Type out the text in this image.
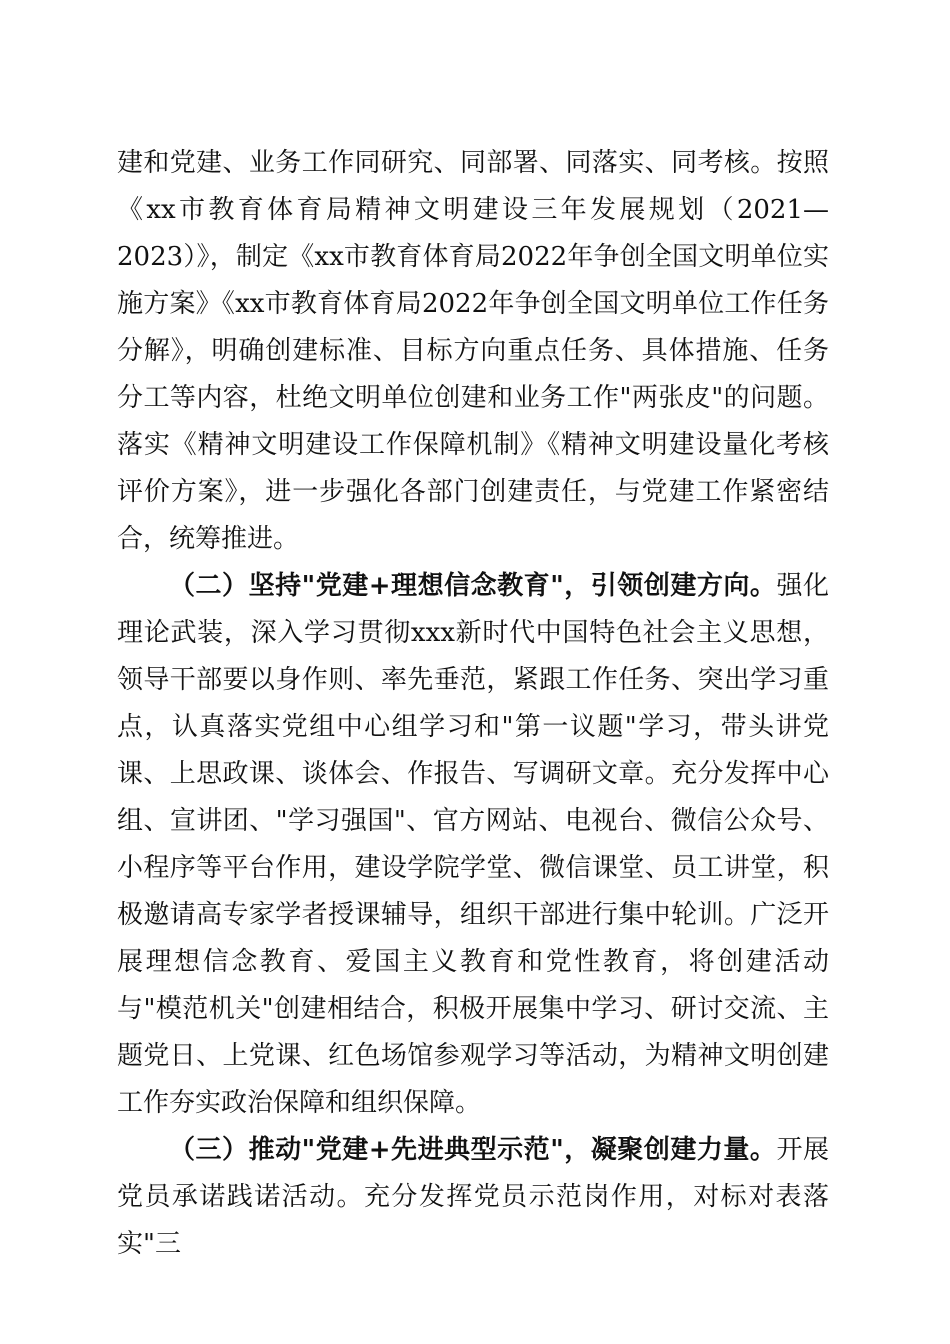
建和党建、业务工作同研究、同部署、同落实、同考核。按照《xx市教育体育局精神文明建设三年发展规划（2021—2023）》，制定《xx市教育体育局2022年争创全国文明单位实施方案》《xx市教育体育局2022年争创全国文明单位工作任务分解》，明确创建标准、目标方向重点任务、具体措施、任务分工等内容，杜绝文明单位创建和业务工作"两张皮"的问题。落实《精神文明建设工作保障机制》《精神文明建设量化考核评价方案》，进一步强化各部门创建责任，与党建工作紧密结合，统筹推进。

（二）坚持"党建+理想信念教育"，引领创建方向。强化理论武装，深入学习贯彻xxx新时代中国特色社会主义思想，领导干部要以身作则、率先垂范，紧跟工作任务、突出学习重点，认真落实党组中心组学习和"第一议题"学习，带头讲党课、上思政课、谈体会、作报告、写调研文章。充分发挥中心组、宣讲团、"学习强国"、官方网站、电视台、微信公众号、小程序等平台作用，建设学院学堂、微信课堂、员工讲堂，积极邀请高专家学者授课辅导，组织干部进行集中轮训。广泛开展理想信念教育、爱国主义教育和党性教育，将创建活动与"模范机关"创建相结合，积极开展集中学习、研讨交流、主题党日、上党课、红色场馆参观学习等活动，为精神文明创建工作夯实政治保障和组织保障。

（三）推动"党建+先进典型示范"，凝聚创建力量。开展党员承诺践诺活动。充分发挥党员示范岗作用，对标对表落实"三
